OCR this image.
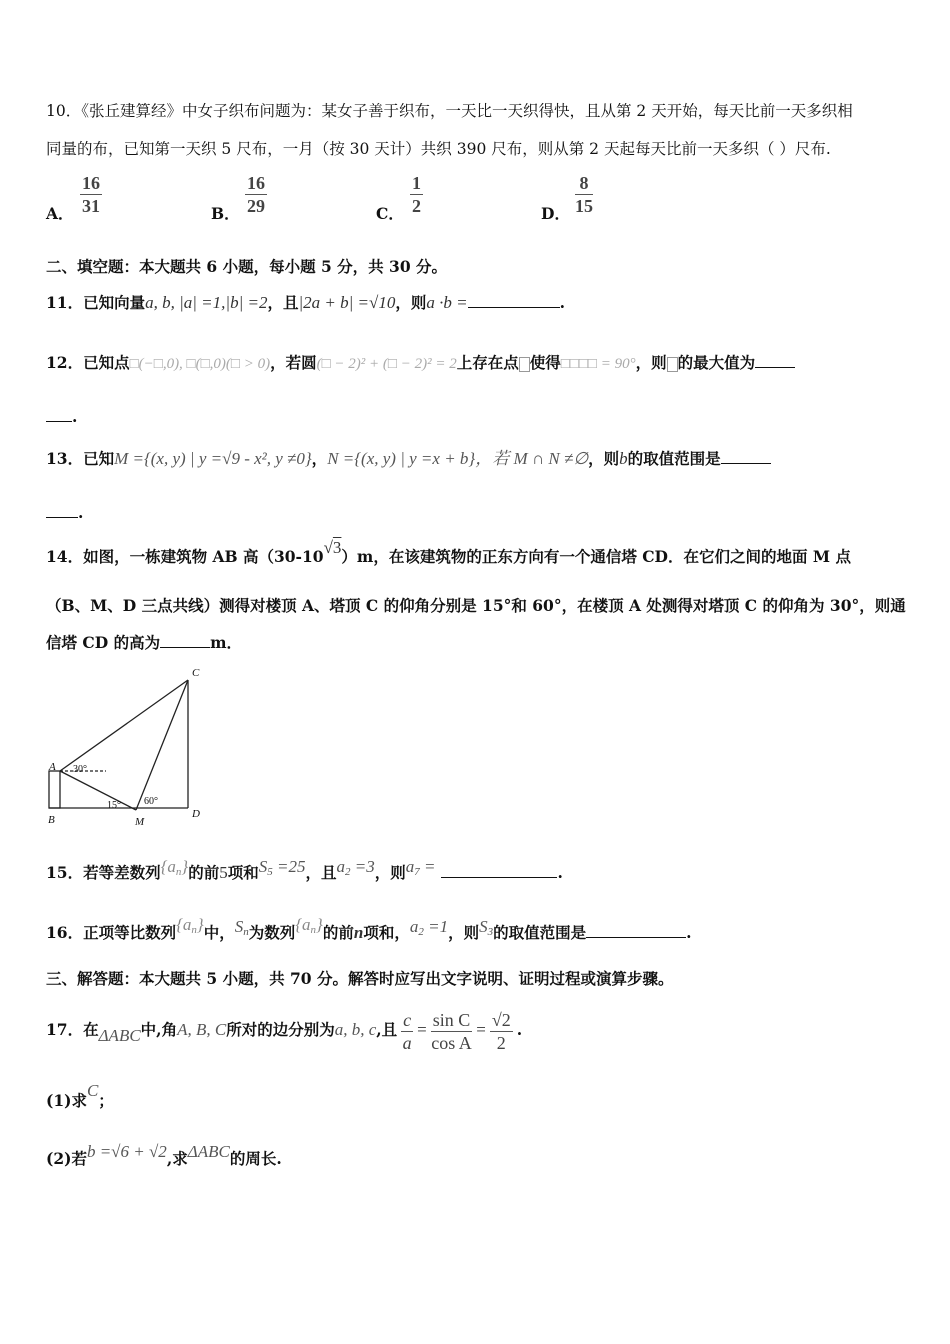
10．《张丘建算经》中女子织布问题为：某女子善于织布，一天比一天织得快，且从第 2 天开始，每天比前一天多织相
同量的布，已知第一天织 5 尺布，一月（按 30 天计）共织 390 尺布，则从第 2 天起每天比前一天多织（ ）尺布.
A． $\frac{16}{31}$	B． $\frac{16}{29}$	C． $\frac{1}{2}$	D． $\frac{8}{15}$
二、填空题：本大题共 6 小题，每小题 5 分，共 30 分。
11．已知向量a, b, |a| =1,|b| =2，且|2a + b| =√10，则a ·b =	.
12．已知点□(−□,0), □(□,0)(□ > 0)，若圆(□ − 2)² + (□ − 2)² = 2上存在点 使得□□□□ = 90°，则 的最大值为
.
13．已知M ={(x, y) | y =√9 - x², y ≠0}，N ={(x, y) | y =x + b}，若 M ∩ N ≠∅，则b的取值范围是
.
14．如图，一栋建筑物 AB 高（30-10√3）m，在该建筑物的正东方向有一个通信塔 CD．在它们之间的地面 M 点
（B、M、D 三点共线）测得对楼顶 A、塔顶 C 的仰角分别是 15°和 60°，在楼顶 A 处测得对塔顶 C 的仰角为 30°，则通
信塔 CD 的高为	m．
C
A
B	M
D
30°
15° 60°
15．若等差数列$\{a_n\}$的前5项和$S_5 =25$，且$a_2 =3$，则$a_7$ =	.
16．正项等比数列$\{a_n\}$中，$S_n$为数列$\{a_n\}$的前n项和，$a_2 =1$，则$S_3$的取值范围是	.
三、解答题：本大题共 5 小题，共 70 分。解答时应写出文字说明、证明过程或演算步骤。
17．在ΔABC中,角A, B, C所对的边分别为a, b, c,且 $\frac{c}{a} = \frac{\text{sin C}}{\text{cos A}} = \frac{√2}{2}$ .
(1)求C；
(2)若b =√6 + √2,求ΔABC的周长.
